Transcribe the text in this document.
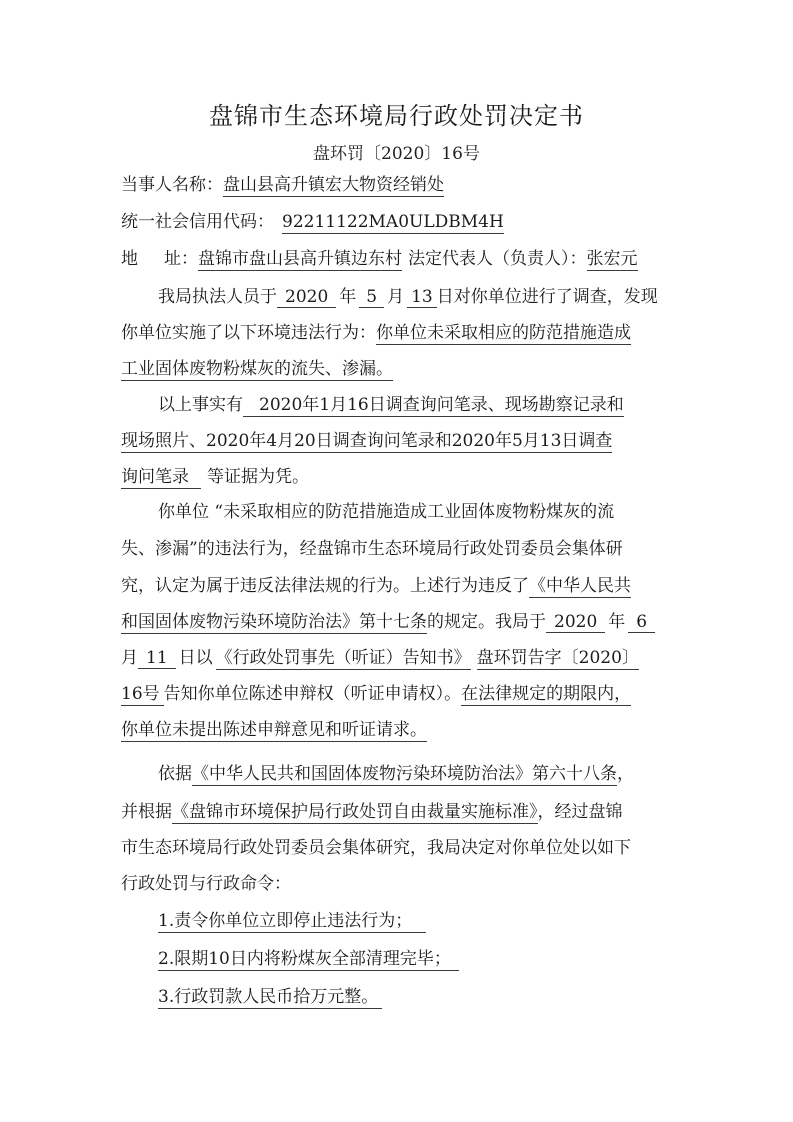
盘锦市生态环境局行政处罚决定书
盘环罚〔2020〕16号
当事人名称：盘山县高升镇宏大物资经销处
统一社会信用代码： 92211122MA0ULDBM4H
地址：盘锦市盘山县高升镇边东村 法定代表人（负责人）：张宏元
我局执法人员于 2020 年 5 月 13 日对你单位进行了调查，发现
你单位实施了以下环境违法行为：你单位未采取相应的防范措施造成
工业固体废物粉煤灰的流失、渗漏。
以上事实有 2020年1月16日调查询问笔录、现场勘察记录和
现场照片、2020年4月20日调查询问笔录和2020年5月13日调查
询问笔录 等证据为凭。
你单位 “未采取相应的防范措施造成工业固体废物粉煤灰的流
失、渗漏”的违法行为，经盘锦市生态环境局行政处罚委员会集体研
究，认定为属于违反法律法规的行为。上述行为违反了《中华人民共
和国固体废物污染环境防治法》第十七条的规定。我局于 2020 年 6
月 11 日以 《行政处罚事先（听证）告知书》 盘环罚告字〔2020〕
16号 告知你单位陈述申辩权（听证申请权）。在法律规定的期限内，
你单位未提出陈述申辩意见和听证请求。
依据《中华人民共和国固体废物污染环境防治法》第六十八条，
并根据《盘锦市环境保护局行政处罚自由裁量实施标准》，经过盘锦
市生态环境局行政处罚委员会集体研究，我局决定对你单位处以如下
行政处罚与行政命令：
1.责令你单位立即停止违法行为；
2.限期10日内将粉煤灰全部清理完毕；
3.行政罚款人民币拾万元整。
